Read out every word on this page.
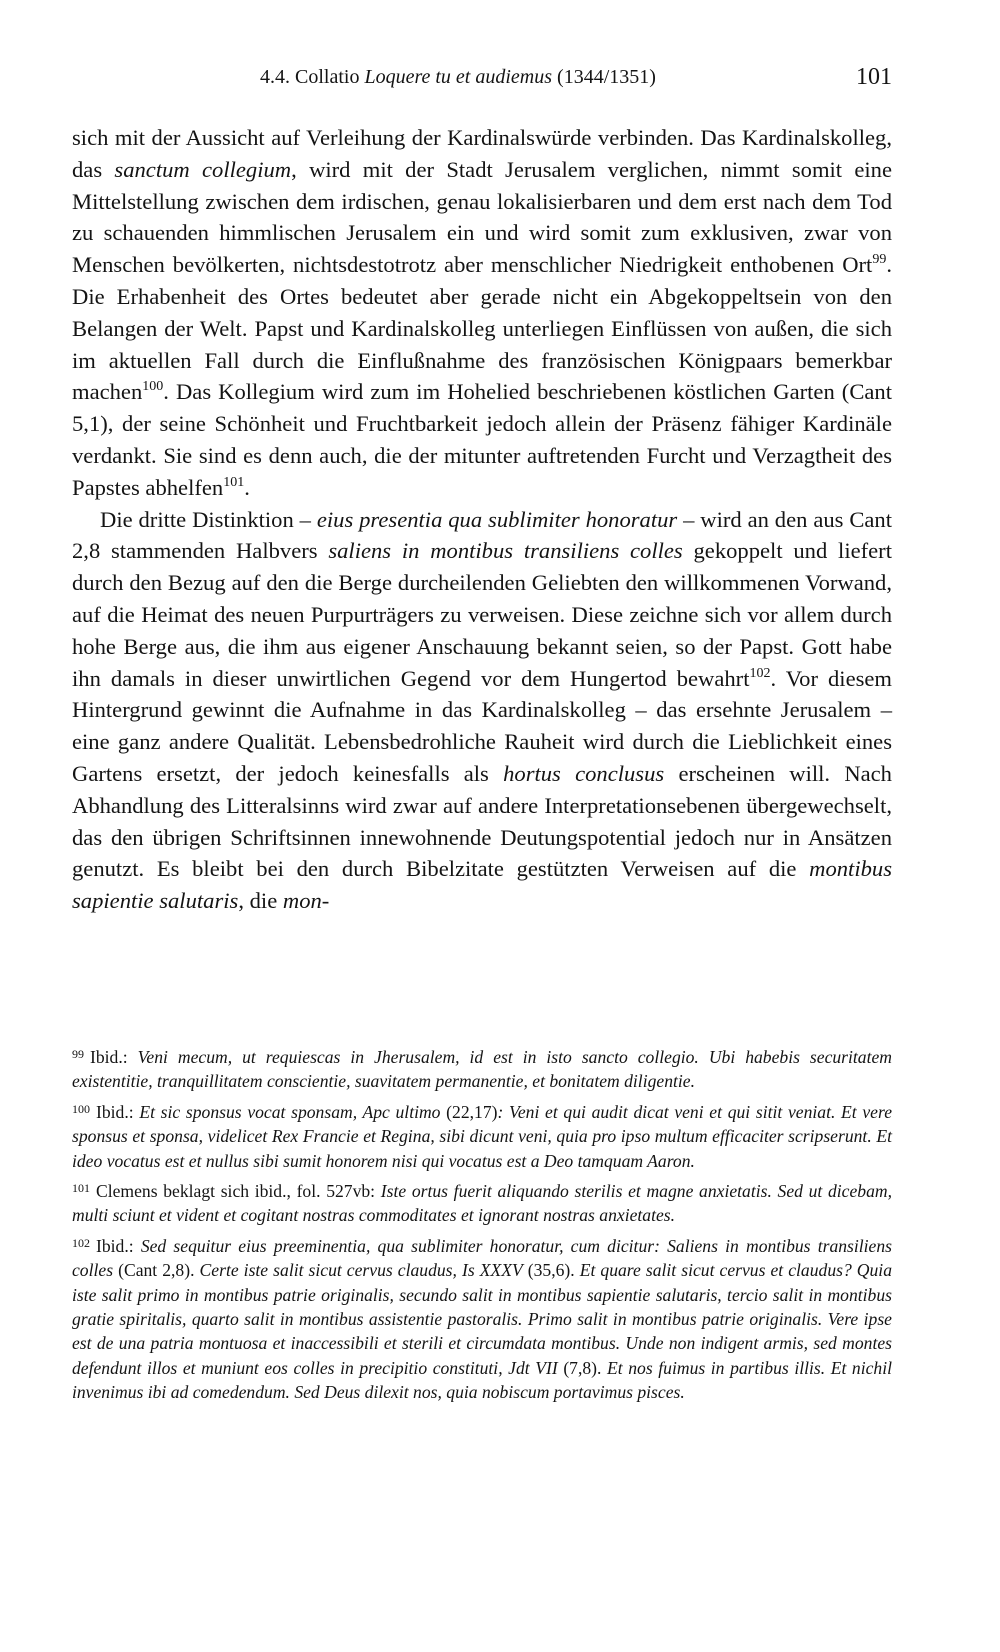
4.4. Collatio Loquere tu et audiemus (1344/1351)	101

sich mit der Aussicht auf Verleihung der Kardinalswürde verbinden. Das Kardinalskolleg, das sanctum collegium, wird mit der Stadt Jerusalem verglichen, nimmt somit eine Mittelstellung zwischen dem irdischen, genau lokalisierbaren und dem erst nach dem Tod zu schauenden himmlischen Jerusalem ein und wird somit zum exklusiven, zwar von Menschen bevölkerten, nichtsdestotrotz aber menschlicher Niedrigkeit enthobenen Ort$^{99}$. Die Erhabenheit des Ortes bedeutet aber gerade nicht ein Abgekoppeltsein von den Belangen der Welt. Papst und Kardinalskolleg unterliegen Einflüssen von außen, die sich im aktuellen Fall durch die Einflußnahme des französischen Königpaars bemerkbar machen$^{100}$. Das Kollegium wird zum im Hohelied beschriebenen köstlichen Garten (Cant 5,1), der seine Schönheit und Fruchtbarkeit jedoch allein der Präsenz fähiger Kardinäle verdankt. Sie sind es denn auch, die der mitunter auftretenden Furcht und Verzagtheit des Papstes abhelfen$^{101}$.

Die dritte Distinktion – eius presentia qua sublimiter honoratur – wird an den aus Cant 2,8 stammenden Halbvers saliens in montibus transiliens colles gekoppelt und liefert durch den Bezug auf den die Berge durcheilenden Geliebten den willkommenen Vorwand, auf die Heimat des neuen Purpurträgers zu verweisen. Diese zeichne sich vor allem durch hohe Berge aus, die ihm aus eigener Anschauung bekannt seien, so der Papst. Gott habe ihn damals in dieser unwirtlichen Gegend vor dem Hungertod bewahrt$^{102}$. Vor diesem Hintergrund gewinnt die Aufnahme in das Kardinalskolleg – das ersehnte Jerusalem – eine ganz andere Qualität. Lebensbedrohliche Rauheit wird durch die Lieblichkeit eines Gartens ersetzt, der jedoch keinesfalls als hortus conclusus erscheinen will. Nach Abhandlung des Litteralsinns wird zwar auf andere Interpretationsebenen übergewechselt, das den übrigen Schriftsinnen innewohnende Deutungspotential jedoch nur in Ansätzen genutzt. Es bleibt bei den durch Bibelzitate gestützten Verweisen auf die montibus sapientie salutaris, die mon-

$^{99}$ Ibid.: Veni mecum, ut requiescas in Jherusalem, id est in isto sancto collegio. Ubi habebis securitatem existentitie, tranquillitatem conscientie, suavitatem permanentie, et bonitatem diligentie.
$^{100}$ Ibid.: Et sic sponsus vocat sponsam, Apc ultimo (22,17): Veni et qui audit dicat veni et qui sitit veniat. Et vere sponsus et sponsa, videlicet Rex Francie et Regina, sibi dicunt veni, quia pro ipso multum efficaciter scripserunt. Et ideo vocatus est et nullus sibi sumit honorem nisi qui vocatus est a Deo tamquam Aaron.
$^{101}$ Clemens beklagt sich ibid., fol. 527vb: Iste ortus fuerit aliquando sterilis et magne anxietatis. Sed ut dicebam, multi sciunt et vident et cogitant nostras commoditates et ignorant nostras anxietates.
$^{102}$ Ibid.: Sed sequitur eius preeminentia, qua sublimiter honoratur, cum dicitur: Saliens in montibus transiliens colles (Cant 2,8). Certe iste salit sicut cervus claudus, Is XXXV (35,6). Et quare salit sicut cervus et claudus? Quia iste salit primo in montibus patrie originalis, secundo salit in montibus sapientie salutaris, tercio salit in montibus gratie spiritalis, quarto salit in montibus assistentie pastoralis. Primo salit in montibus patrie originalis. Vere ipse est de una patria montuosa et inaccessibili et sterili et circumdata montibus. Unde non indigent armis, sed montes defendunt illos et muniunt eos colles in precipitio constituti, Jdt VII (7,8). Et nos fuimus in partibus illis. Et nichil invenimus ibi ad comedendum. Sed Deus dilexit nos, quia nobiscum portavimus pisces.
